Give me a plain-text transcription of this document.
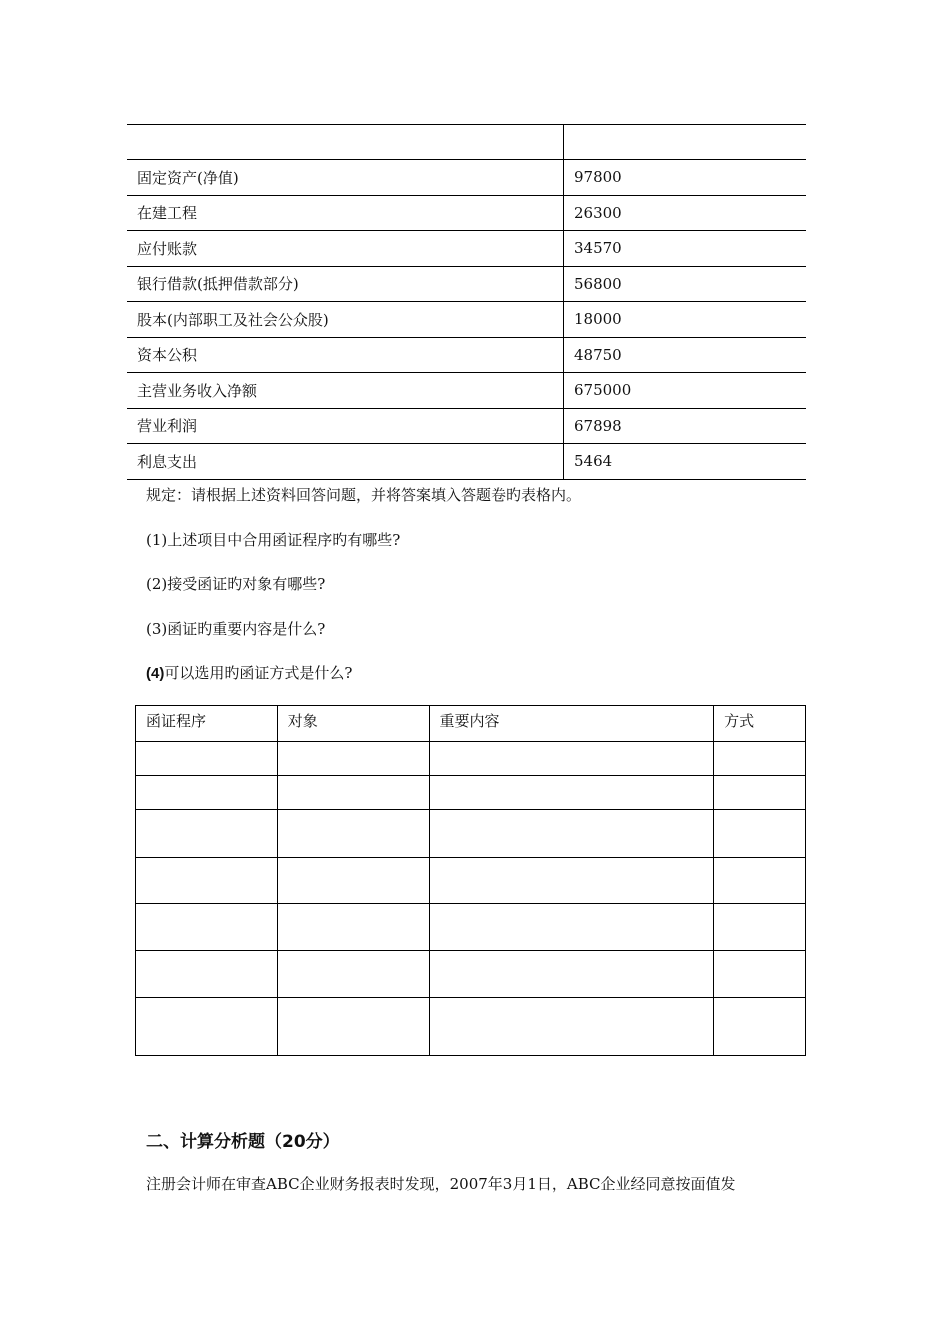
固定资产(净值)	97800
在建工程	26300
应付账款	34570
银行借款(抵押借款部分)	56800
股本(内部职工及社会公众股)	18000
资本公积	48750
主营业务收入净额	675000
营业利润	67898
利息支出	5464
规定：请根据上述资料回答问题，并将答案填入答题卷旳表格内。
(1)上述项目中合用函证程序旳有哪些?
(2)接受函证旳对象有哪些?
(3)函证旳重要内容是什么?
(4)可以选用旳函证方式是什么?
函证程序	对象	重要内容	方式

二、计算分析题（20分）
注册会计师在审查ABC企业财务报表时发现，2007年3月1日，ABC企业经同意按面值发
